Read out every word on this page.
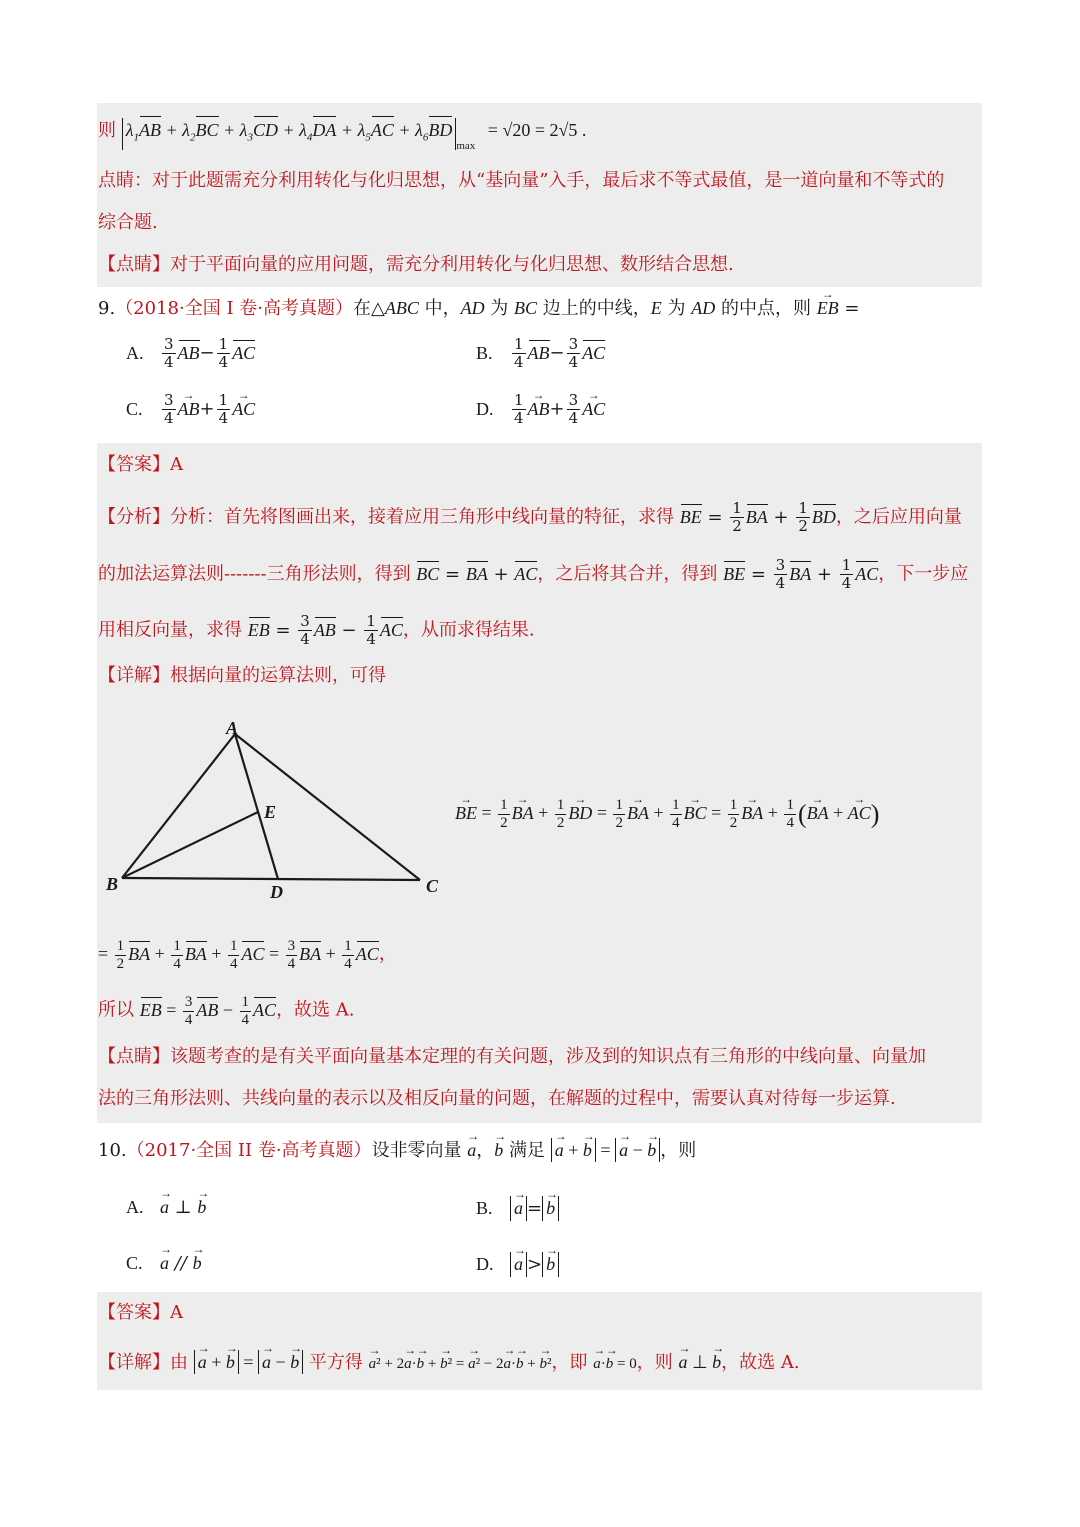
则 $\lambda_1AB + \lambda_2BC + \lambda_3CD + \lambda_4DA + \lambda_5AC + \lambda_6BD_{max} = √20 = 2√5$ .
点睛：对于此题需充分利用转化与化归思想，从“基向量”入手，最后求不等式最值，是一道向量和不等式的
综合题.
【点睛】对于平面向量的应用问题，需充分利用转化与化归思想、数形结合思想.
9.（2018·全国 I 卷·高考真题）在△ABC 中，AD 为 BC 边上的中线，E 为 AD 的中点，则 → EB =
A. $\frac{3}{4} AB- \frac{1}{4}$ AC	B. $\frac{1}{4} AB- \frac{3}{4}$ AC
C. $\frac{3}{4}$
→ $AB+ \frac{1}{4}$
→ AC	D. $\frac{1}{4}$
→ $AB+ \frac{3}{4}$
→ AC
【答案】A
【分析】分析：首先将图画出来，接着应用三角形中线向量的特征，求得 BE = $\frac{1}{2}$ BA + $\frac{1}{2}$ BD，之后应用向量
的加法运算法则-------三角形法则，得到 BC = BA + AC，之后将其合并，得到 BE = $\frac{3}{4}$ BA + $\frac{1}{4}$ AC，下一步应
用相反向量，求得 EB = $\frac{3}{4}$ AB − $\frac{1}{4}$ AC，从而求得结果.
【详解】根据向量的运算法则，可得
A
B	C
D
E
→	BE = $\frac{1}{2}$
→ BA + $\frac{1}{2}$
→ BD = $\frac{1}{2}$
→ BA + $\frac{1}{4}$
→ BC = $\frac{1}{2}$
→ BA + $\frac{1}{4}$ (→ BA + → AC)
= $\frac{1}{2}$ BA + $\frac{1}{4}$ BA + $\frac{1}{4}$ AC = $\frac{3}{4}$ BA + $\frac{1}{4}$ AC，
所以 EB = $\frac{3}{4}$ AB − $\frac{1}{4}$ AC，故选 A.
【点睛】该题考查的是有关平面向量基本定理的有关问题，涉及到的知识点有三角形的中线向量、向量加
法的三角形法则、共线向量的表示以及相反向量的问题，在解题的过程中，需要认真对待每一步运算.
10.（2017·全国 II 卷·高考真题）设非零向量 → a，→ b 满足 → a + → b = → a − → b ，则
A.→ a ⊥ → b	B.→ a =→ b
C.→ a // → b	D.→ a >→ b
【答案】A
【详解】由 → a + → b = → a − → b 平方得 → a² + 2→ a·→ b + → b² = → a² − 2→ a·→ b + → b²，即 → a·→ b = 0，则 → a ⊥ → b，故选 A.
